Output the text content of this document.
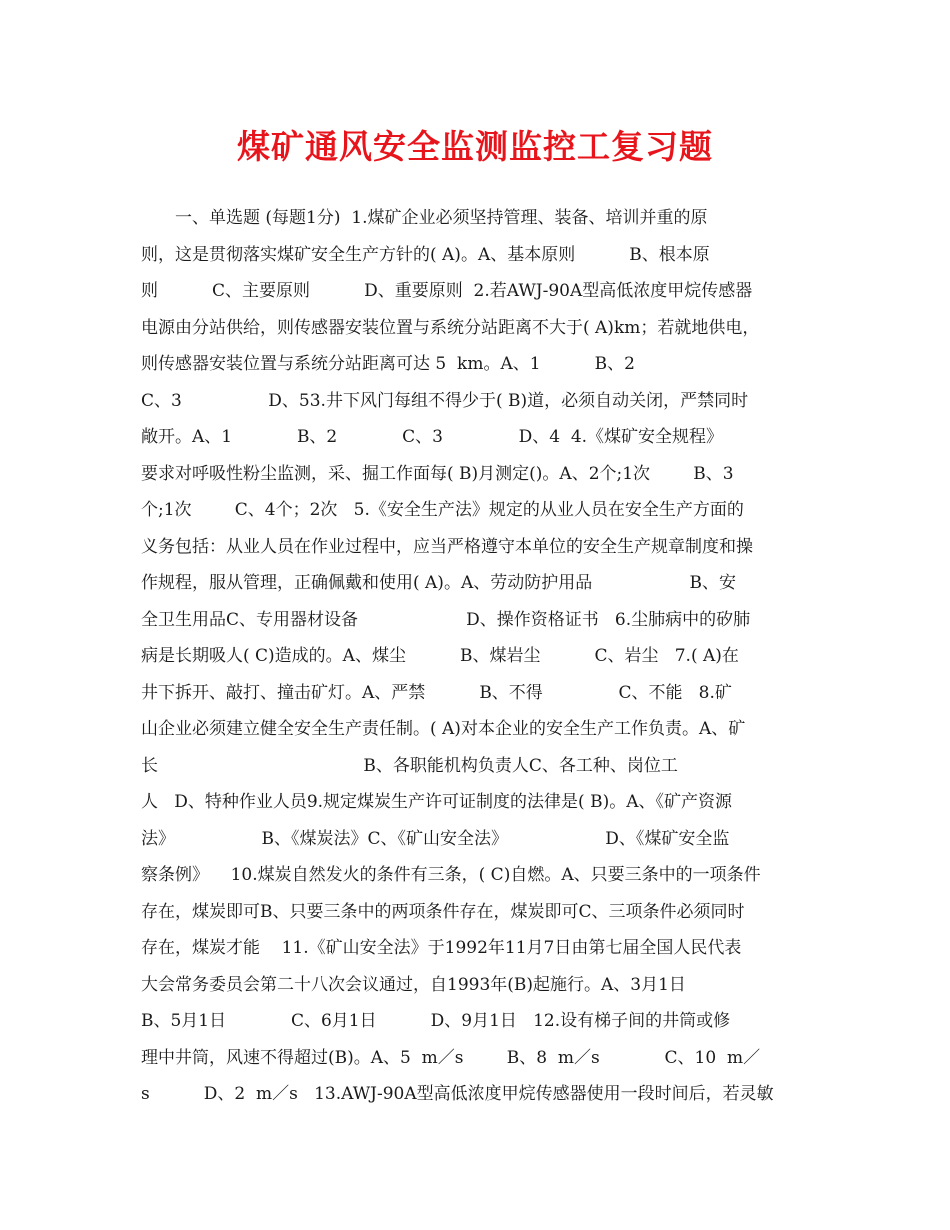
煤矿通风安全监测监控工复习题
　　一、单选题 (每题1分)  1.煤矿企业必须坚持管理、装备、培训并重的原
则，这是贯彻落实煤矿安全生产方针的( A)。A、基本原则          B、根本原
则          C、主要原则          D、重要原则  2.若AWJ-90A型高低浓度甲烷传感器
电源由分站供给，则传感器安装位置与系统分站距离不大于( A)km；若就地供电，
则传感器安装位置与系统分站距离可达 5  km。A、1          B、2
C、3                D、53.井下风门每组不得少于( B)道，必须自动关闭，严禁同时
敞开。A、1            B、2            C、3              D、4  4.《煤矿安全规程》
要求对呼吸性粉尘监测，采、掘工作面每( B)月测定()。A、2个;1次        B、3
个;1次        C、4个；2次   5.《安全生产法》规定的从业人员在安全生产方面的
义务包括：从业人员在作业过程中，应当严格遵守本单位的安全生产规章制度和操
作规程，服从管理，正确佩戴和使用( A)。A、劳动防护用品                  B、安
全卫生用品C、专用器材设备                    D、操作资格证书   6.尘肺病中的矽肺
病是长期吸人( C)造成的。A、煤尘          B、煤岩尘          C、岩尘   7.( A)在
井下拆开、敲打、撞击矿灯。A、严禁          B、不得              C、不能   8.矿
山企业必须建立健全安全生产责任制。( A)对本企业的安全生产工作负责。A、矿
长                                      B、各职能机构负责人C、各工种、岗位工
人   D、特种作业人员9.规定煤炭生产许可证制度的法律是( B)。A、《矿产资源
法》                B、《煤炭法》C、《矿山安全法》                  D、《煤矿安全监
察条例》    10.煤炭自然发火的条件有三条，( C)自燃。A、只要三条中的一项条件
存在，煤炭即可B、只要三条中的两项条件存在，煤炭即可C、三项条件必须同时
存在，煤炭才能    11.《矿山安全法》于1992年11月7日由第七届全国人民代表
大会常务委员会第二十八次会议通过，自1993年(B)起施行。A、3月1日
B、5月1日            C、6月1日          D、9月1日   12.设有梯子间的井筒或修
理中井筒，风速不得超过(B)。A、5  m／s        B、8  m／s            C、10  m／
s          D、2  m／s   13.AWJ-90A型高低浓度甲烷传感器使用一段时间后，若灵敏
